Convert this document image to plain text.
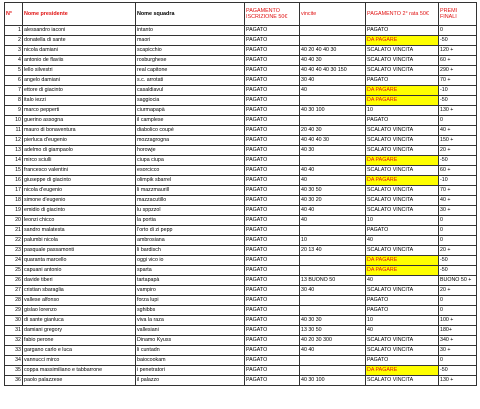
N°	Nome presidente	Nome squadra	PAGAMENTO ISCRIZIONE 50€	vincite	PAGAMENTO 2° rata 50€	PREMI FINALI
1	alessandro iaconi	intanto	PAGATO		PAGATO	0
2	donatella di sante	maori	PAGATO		DA PAGARE	-50
3	nicola damiani	scapicchio	PAGATO	40 20 40 40 30	SCALATO VINCITA	120 +
4	antonio de flaviis	rosburghese	PAGATO	40 40 30	SCALATO VINCITA	60 +
5	lello silvestri	real capitone	PAGATO	40 40 40 40 30 150	SCALATO VINCITA	290 +
6	angelo damiani	s.c. arrotati	PAGATO	30 40	PAGATO	70 +
7	ettore di giacinto	casaldiavul	PAGATO	40	DA PAGARE	-10
8	italo iezzi	saggiocia	PAGATO		DA PAGARE	-50
9	marco pepperti	ciurmapapà	PAGATO	40 30 100	10	130 +
10	guerino assogna	il camplese	PAGATO		PAGATO	0
11	mauro di bonaventura	diabolico coupé	PAGATO	20 40 30	SCALATO VINCITA	40 +
12	pierluca d'eugenio	mozzagrogna	PAGATO	40 40 40 30	SCALATO VINCITA	150 +
13	adelmo di giampaolo	horowje	PAGATO	40 30	SCALATO VINCITA	20 +
14	mirco sciulli	ciupa ciupa	PAGATO		DA PAGARE	-50
15	francesco valentini	esorcicco	PAGATO	40 40	SCALATO VINCITA	60 +
16	giuseppe di giacinto	olimpik sbarrel	PAGATO	40	DA PAGARE	-10
17	nicola d'eugenio	li mazzmaurill	PAGATO	40 30 50	SCALATO VINCITA	70 +
18	simone d'eugenio	mazzacutillo	PAGATO	40 30 20	SCALATO VINCITA	40 +
19	emidio di giacinto	lu sppzzol	PAGATO	40 40	SCALATO VINCITA	30 +
20	leonzi chicco	la portia	PAGATO	40	10	0
21	sandro malatesta	l'orto di zi pepp	PAGATO		PAGATO	0
22	palumbi nicola	ambrosiana	PAGATO	10	40	0
23	pasquale passamonti	li bardisch	PAGATO	20 13 40	SCALATO VINCITA	20 +
24	quaranta marcello	oggi vico io	PAGATO		DA PAGARE	-50
25	capuani antonio	sparta	PAGATO		DA PAGARE	-50
26	davide tiberi	tartapapà	PAGATO	13 BUONO 50	40	BUONO 50 +
27	cristian sbaraglia	vampiro	PAGATO	30 40	SCALATO VINCITA	20 +
28	vallese alfonso	forza lupi	PAGATO		PAGATO	0
29	gislao lorenzo	sghibbs	PAGATO		PAGATO	0
30	di sante gianluca	viva la raza	PAGATO	40 30 30	10	100 +
31	damiani gregory	vallesiani	PAGATO	13 30 50	40	180+
32	fabio perone	Dinamo Kyuss	PAGATO	40 20 30 300	SCALATO VINCITA	340 +
33	gargano carlo e luca	li cuntadn	PAGATO	40 40	SCALATO VINCITA	30 +
34	vannucci mirco	baiocookam	PAGATO		PAGATO	0
35	coppa massimiliano e tabbarrone	i penetratori	PAGATO		DA PAGARE	-50
36	paolo palazzese	il palazzo	PAGATO	40 30 100	SCALATO VINCITA	130 +
